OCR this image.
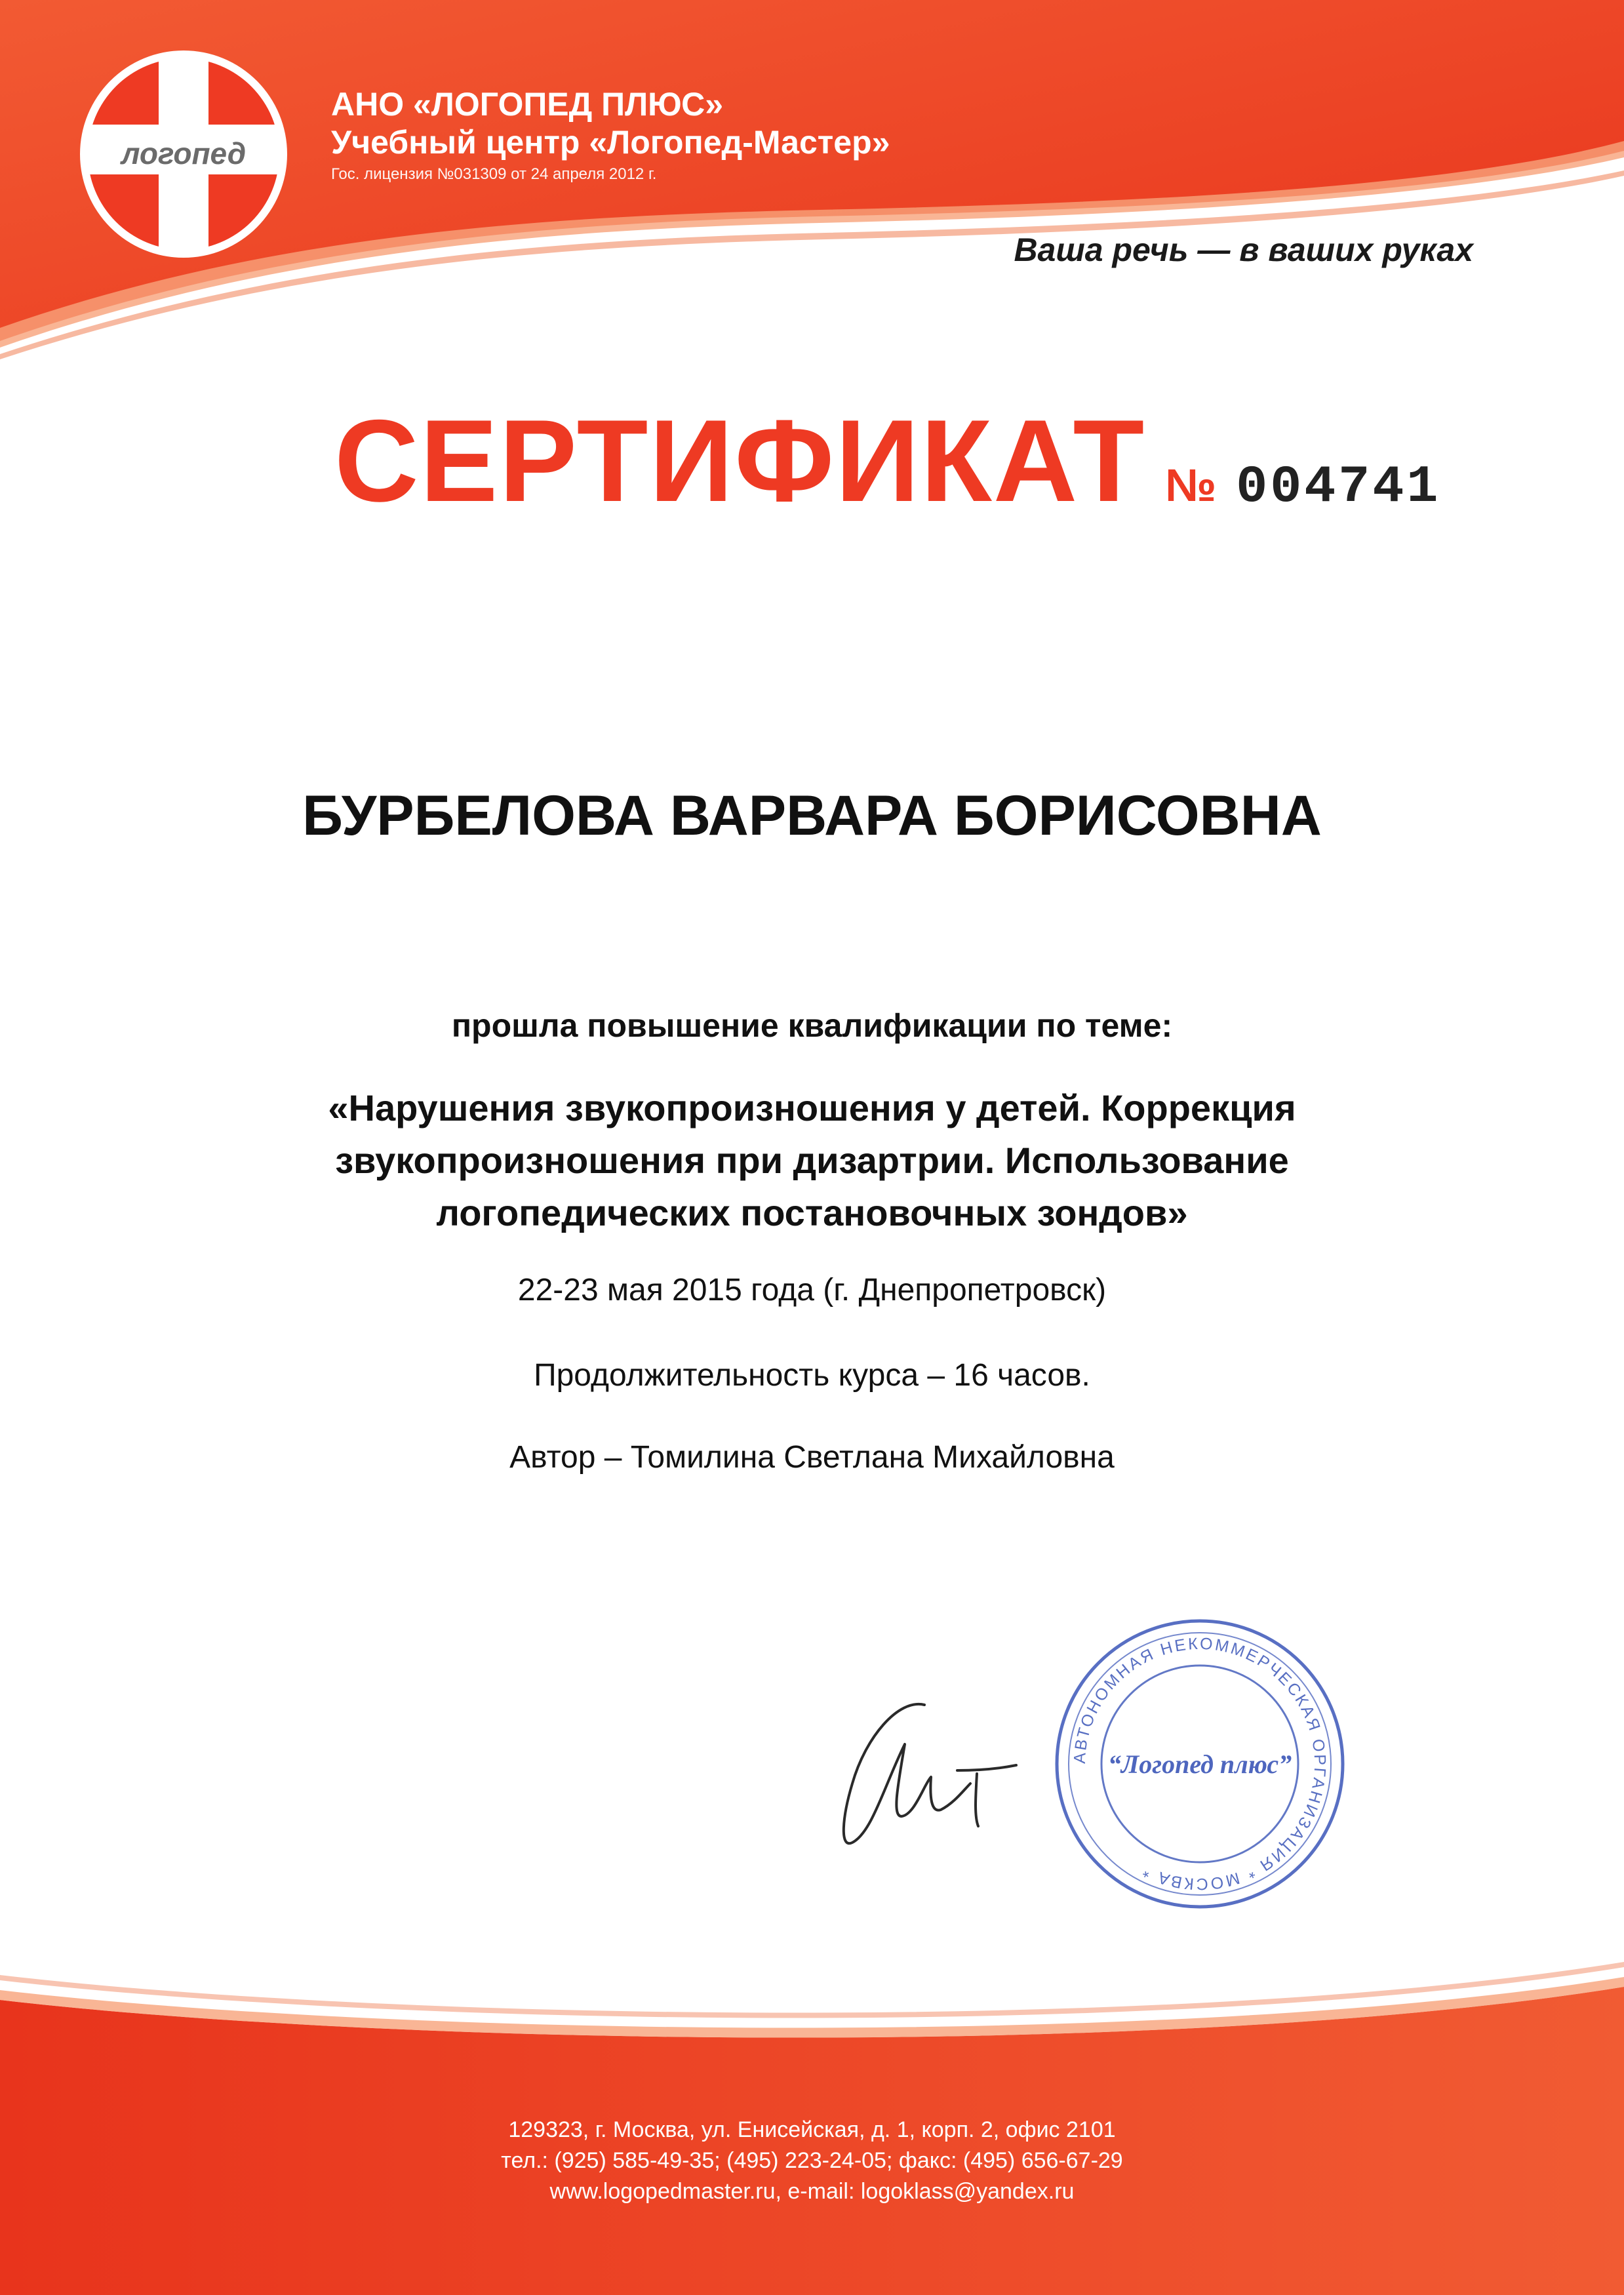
логопед
АНО «ЛОГОПЕД ПЛЮС»
Учебный центр «Логопед-Мастер»
Гос. лицензия №031309 от 24 апреля 2012 г.
Ваша речь — в ваших руках
СЕРТИФИКАТ № 004741
БУРБЕЛОВА ВАРВАРА БОРИСОВНА
прошла повышение квалификации по теме:
«Нарушения звукопроизношения у детей. Коррекция
звукопроизношения при дизартрии. Использование
логопедических постановочных зондов»
22-23 мая 2015 года (г. Днепропетровск)
Продолжительность курса – 16 часов.
Автор – Томилина Светлана Михайловна
АВТОНОМНАЯ НЕКОММЕРЧЕСКАЯ ОРГАНИЗАЦИЯ * МОСКВА *
“Логопед плюс”
129323, г. Москва, ул. Енисейская, д. 1, корп. 2, офис 2101
тел.: (925) 585-49-35; (495) 223-24-05; факс: (495) 656-67-29
www.logopedmaster.ru, e-mail: logoklass@yandex.ru
